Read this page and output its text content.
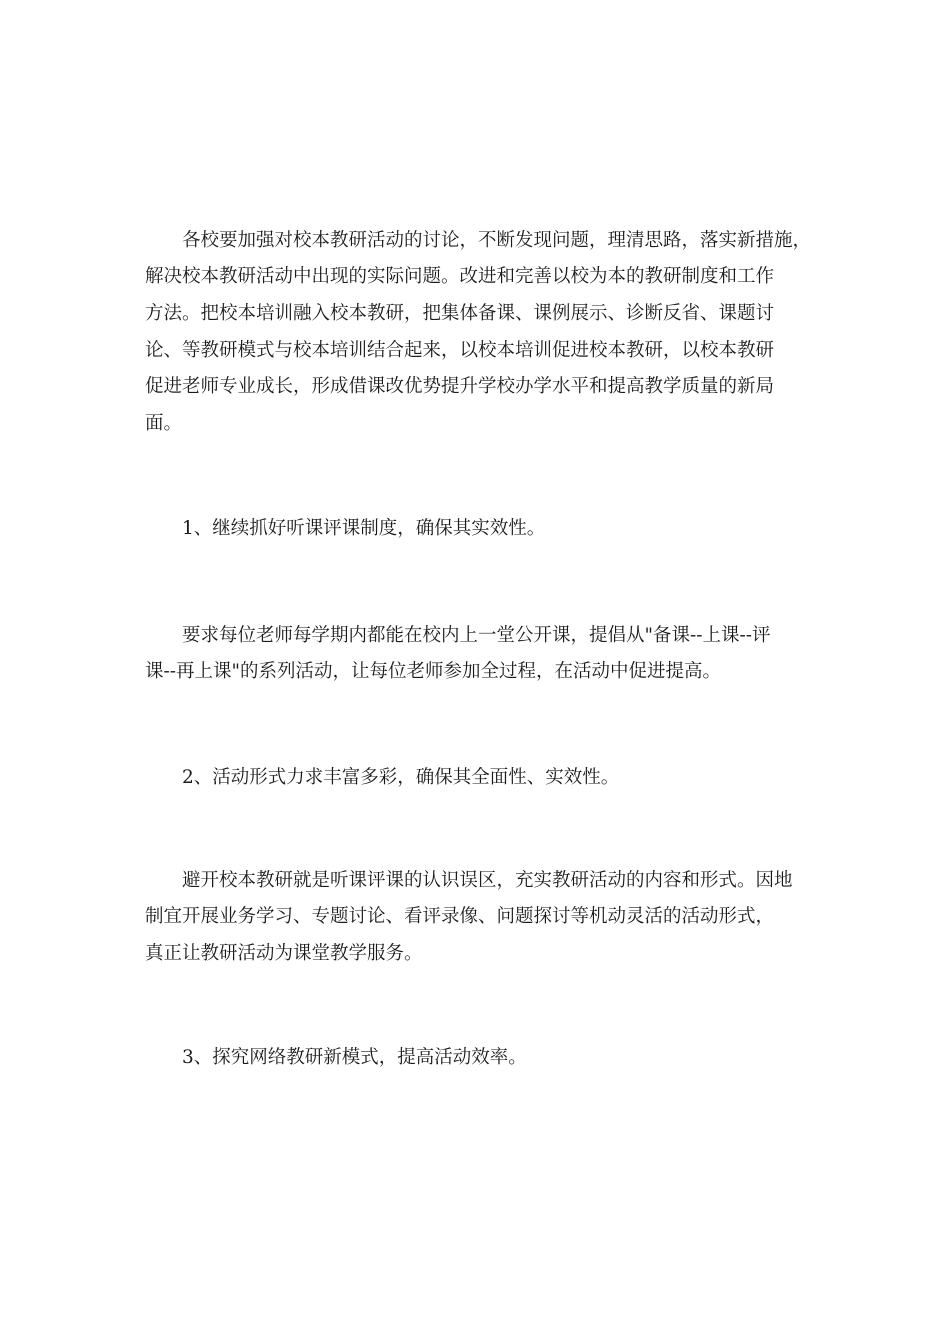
　　各校要加强对校本教研活动的讨论，不断发现问题，理清思路，落实新措施，
解决校本教研活动中出现的实际问题。改进和完善以校为本的教研制度和工作
方法。把校本培训融入校本教研，把集体备课、课例展示、诊断反省、课题讨
论、等教研模式与校本培训结合起来，以校本培训促进校本教研，以校本教研
促进老师专业成长，形成借课改优势提升学校办学水平和提高教学质量的新局
面。
　　1、继续抓好听课评课制度，确保其实效性。
　　要求每位老师每学期内都能在校内上一堂公开课，提倡从"备课--上课--评
课--再上课"的系列活动，让每位老师参加全过程，在活动中促进提高。
　　2、活动形式力求丰富多彩，确保其全面性、实效性。
　　避开校本教研就是听课评课的认识误区，充实教研活动的内容和形式。因地
制宜开展业务学习、专题讨论、看评录像、问题探讨等机动灵活的活动形式，
真正让教研活动为课堂教学服务。
　　3、探究网络教研新模式，提高活动效率。
